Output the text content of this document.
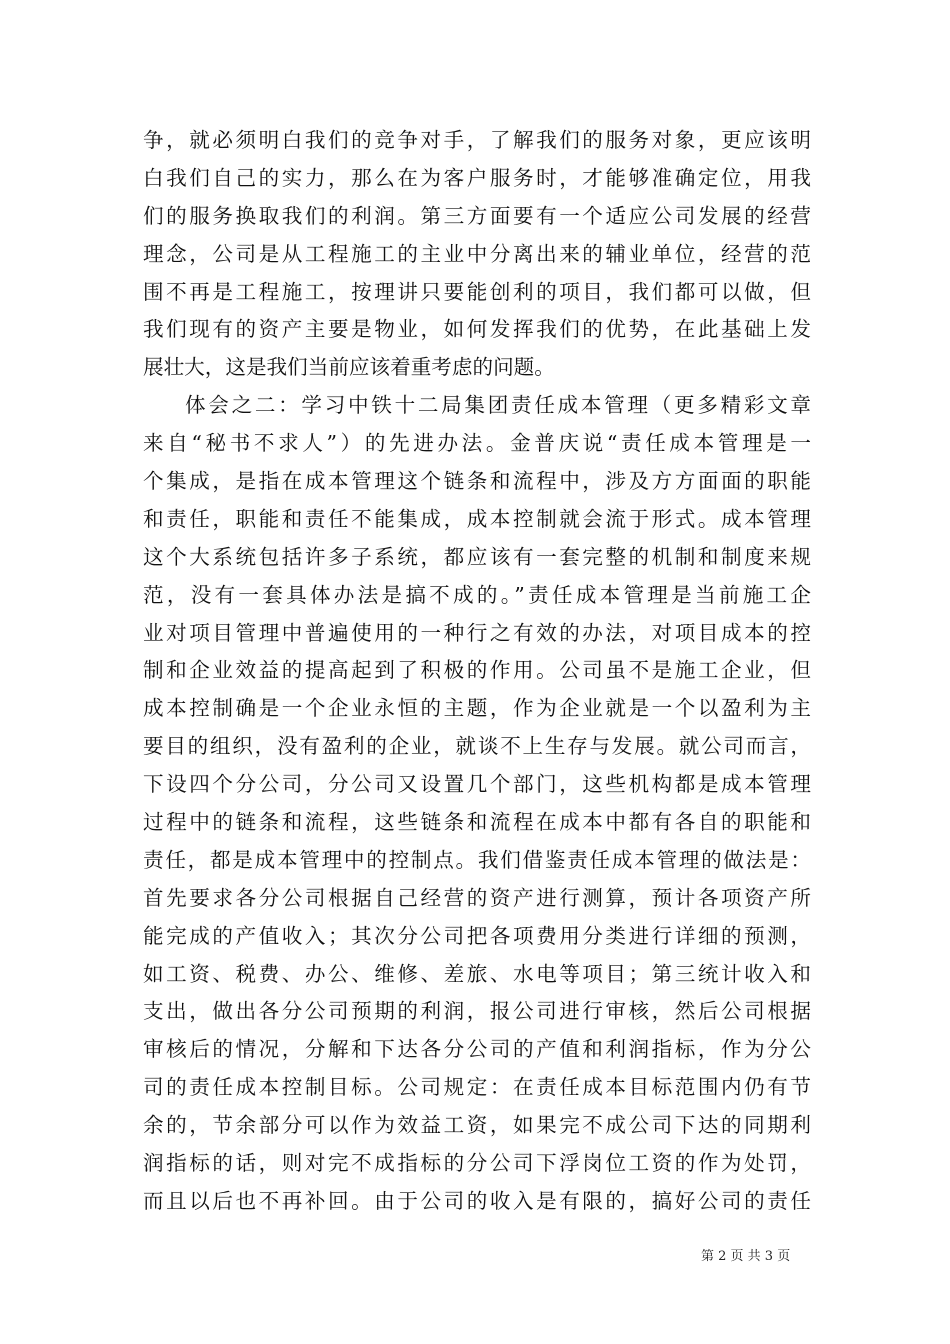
争，就必须明白我们的竞争对手，了解我们的服务对象，更应该明
白我们自己的实力，那么在为客户服务时，才能够准确定位，用我
们的服务换取我们的利润。第三方面要有一个适应公司发展的经营
理念，公司是从工程施工的主业中分离出来的辅业单位，经营的范
围不再是工程施工，按理讲只要能创利的项目，我们都可以做，但
我们现有的资产主要是物业，如何发挥我们的优势，在此基础上发
展壮大，这是我们当前应该着重考虑的问题。
体会之二：学习中铁十二局集团责任成本管理（更多精彩文章
来自“秘书不求人”）的先进办法。金普庆说“责任成本管理是一
个集成，是指在成本管理这个链条和流程中，涉及方方面面的职能
和责任，职能和责任不能集成，成本控制就会流于形式。成本管理
这个大系统包括许多子系统，都应该有一套完整的机制和制度来规
范，没有一套具体办法是搞不成的。”责任成本管理是当前施工企
业对项目管理中普遍使用的一种行之有效的办法，对项目成本的控
制和企业效益的提高起到了积极的作用。公司虽不是施工企业，但
成本控制确是一个企业永恒的主题，作为企业就是一个以盈利为主
要目的组织，没有盈利的企业，就谈不上生存与发展。就公司而言，
下设四个分公司，分公司又设置几个部门，这些机构都是成本管理
过程中的链条和流程，这些链条和流程在成本中都有各自的职能和
责任，都是成本管理中的控制点。我们借鉴责任成本管理的做法是：
首先要求各分公司根据自己经营的资产进行测算，预计各项资产所
能完成的产值收入；其次分公司把各项费用分类进行详细的预测，
如工资、税费、办公、维修、差旅、水电等项目；第三统计收入和
支出，做出各分公司预期的利润，报公司进行审核，然后公司根据
审核后的情况，分解和下达各分公司的产值和利润指标，作为分公
司的责任成本控制目标。公司规定：在责任成本目标范围内仍有节
余的，节余部分可以作为效益工资，如果完不成公司下达的同期利
润指标的话，则对完不成指标的分公司下浮岗位工资的作为处罚，
而且以后也不再补回。由于公司的收入是有限的，搞好公司的责任
第 2 页 共 3 页
